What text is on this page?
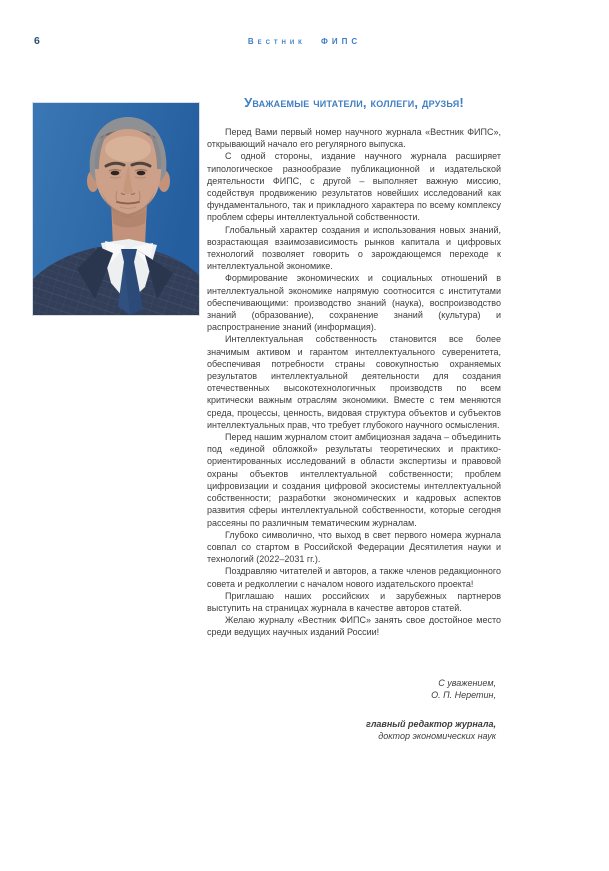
6	Вестник ФИПС
Уважаемые читатели, коллеги, друзья!

Перед Вами первый номер научного журнала «Вестник ФИПС», открывающий начало его регулярного выпуска.

С одной стороны, издание научного журнала расширяет типологическое разнообразие публикационной и издательской деятельности ФИПС, с другой – выполняет важную миссию, содействуя продвижению результатов новейших исследований как фундаментального, так и прикладного характера по всему комплексу проблем сферы интеллектуальной собственности.

Глобальный характер создания и использования новых знаний, возрастающая взаимозависимость рынков капитала и цифровых технологий позволяет говорить о зарождающемся переходе к интеллектуальной экономике.

Формирование экономических и социальных отношений в интеллектуальной экономике напрямую соотносится с институтами обеспечивающими: производство знаний (наука), воспроизводство знаний (образование), сохранение знаний (культура) и распространение знаний (информация).

Интеллектуальная собственность становится все более значимым активом и гарантом интеллектуального суверенитета, обеспечивая потребности страны совокупностью охраняемых результатов интеллектуальной деятельности для создания отечественных высокотехнологичных производств по всем критически важным отраслям экономики. Вместе с тем меняются среда, процессы, ценность, видовая структура объектов и субъектов интеллектуальных прав, что требует глубокого научного осмысления.

Перед нашим журналом стоит амбициозная задача – объединить под «единой обложкой» результаты теоретических и практико-ориентированных исследований в области экспертизы и правовой охраны объектов интеллектуальной собственности; проблем цифровизации и создания цифровой экосистемы интеллектуальной собственности; разработки экономических и кадровых аспектов развития сферы интеллектуальной собственности, которые сегодня рассеяны по различным тематическим журналам.

Глубоко символично, что выход в свет первого номера журнала совпал со стартом в Российской Федерации Десятилетия науки и технологий (2022–2031 гг.).

Поздравляю читателей и авторов, а также членов редакционного совета и редколлегии с началом нового издательского проекта!

Приглашаю наших российских и зарубежных партнеров выступить на страницах журнала в качестве авторов статей.

Желаю журналу «Вестник ФИПС» занять свое достойное место среди ведущих научных изданий России!

С уважением,
О. П. Неретин,
главный редактор журнала,
доктор экономических наук
